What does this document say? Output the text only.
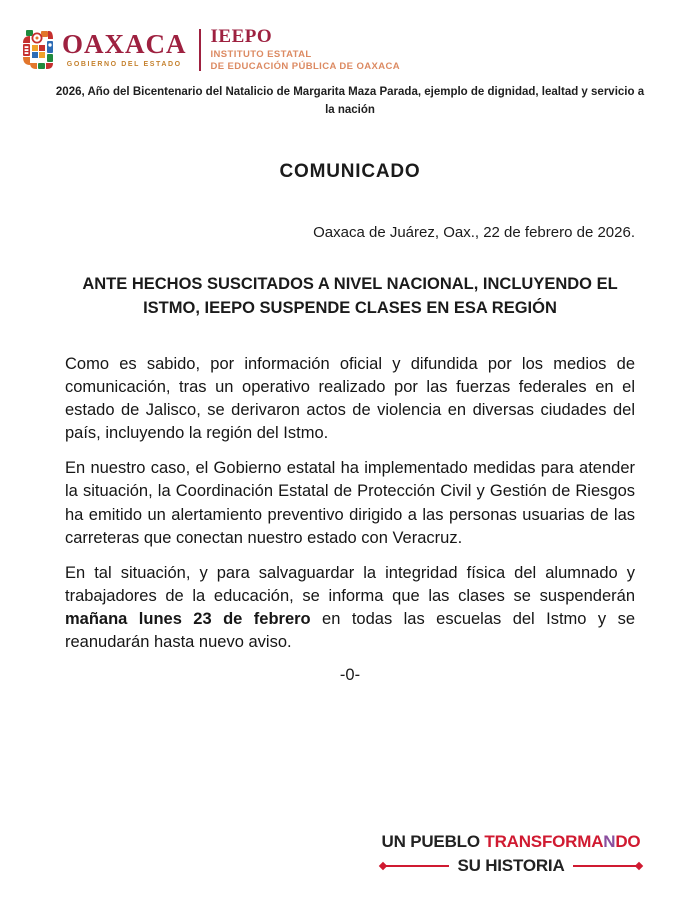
OAXACA
GOBIERNO DEL ESTADO
IEEPO
INSTITUTO ESTATAL
DE EDUCACIÓN PÚBLICA DE OAXACA
2026, Año del Bicentenario del Natalicio de Margarita Maza Parada, ejemplo de dignidad, lealtad y servicio a la nación
COMUNICADO
Oaxaca de Juárez, Oax., 22 de febrero de 2026.
ANTE HECHOS SUSCITADOS A NIVEL NACIONAL, INCLUYENDO EL ISTMO, IEEPO SUSPENDE CLASES EN ESA REGIÓN

Como es sabido, por información oficial y difundida por los medios de comunicación, tras un operativo realizado por las fuerzas federales en el estado de Jalisco, se derivaron actos de violencia en diversas ciudades del país, incluyendo la región del Istmo.

En nuestro caso, el Gobierno estatal ha implementado medidas para atender la situación, la Coordinación Estatal de Protección Civil y Gestión de Riesgos ha emitido un alertamiento preventivo dirigido a las personas usuarias de las carreteras que conectan nuestro estado con Veracruz.

En tal situación, y para salvaguardar la integridad física del alumnado y trabajadores de la educación, se informa que las clases se suspenderán mañana lunes 23 de febrero en todas las escuelas del Istmo y se reanudarán hasta nuevo aviso.

-0-
UN PUEBLO TRANSFORMANDO
SU HISTORIA
